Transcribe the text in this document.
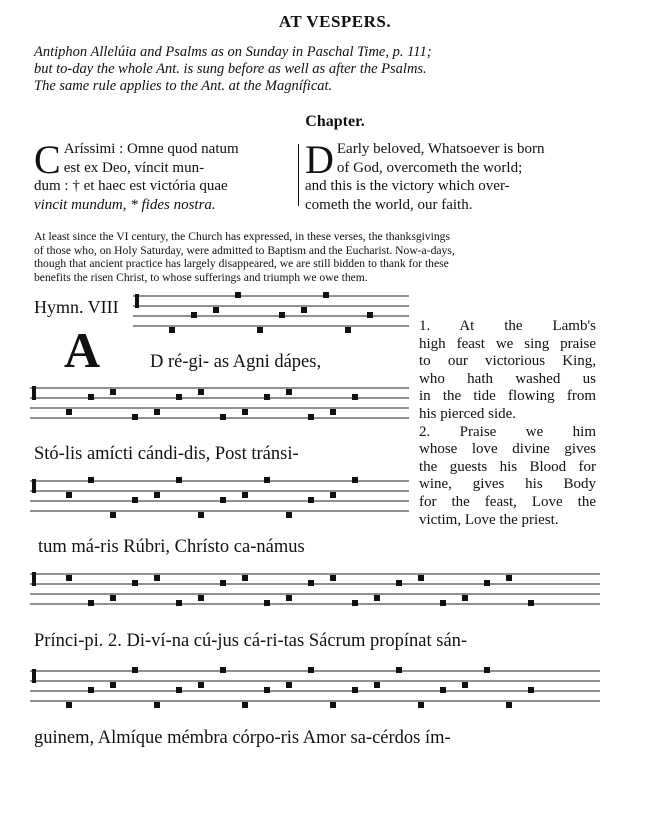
AT VESPERS.

Antiphon Allelúia and Psalms as on Sunday in Paschal Time, p. 111;

but to-day the whole Ant. is sung before as well as after the Psalms.

The same rule applies to the Ant. at the Magníficat.

Chapter.
C Aríssimi : Omne quod natum

est ex Deo, víncit mun-

dum : † et haec est victória quae

vincit mundum, * fides nostra.

D Early beloved, Whatsoever is born

of God, overcometh the world;

and this is the victory which over-

cometh the world, our faith.

At least since the VI century, the Church has expressed, in these verses, the thanksgivings

of those who, on Holy Saturday, were admitted to Baptism and the Eucharist. Now-a-days,

though that ancient practice has largely disappeared, we are still bidden to thank for these

benefits the risen Christ, to whose sufferings and triumph we owe them.

Hymn. VIII
A	D ré-gi- as Agni dápes,
Stó-lis amícti cándi-dis, Post tránsi-
tum má-ris Rúbri, Chrísto ca-námus
Prínci-pi. 2. Di-ví-na cú-jus cá-ri-tas Sácrum propínat sán-
guinem, Almíque mémbra córpo-ris Amor sa-cérdos ím-

1. At the Lamb's

high feast we sing praise

to our victorious King,

who hath washed us

in the tide flowing from

his pierced side.

2. Praise we him

whose love divine gives

the guests his Blood for

wine, gives his Body

for the feast, Love the

victim, Love the priest.
